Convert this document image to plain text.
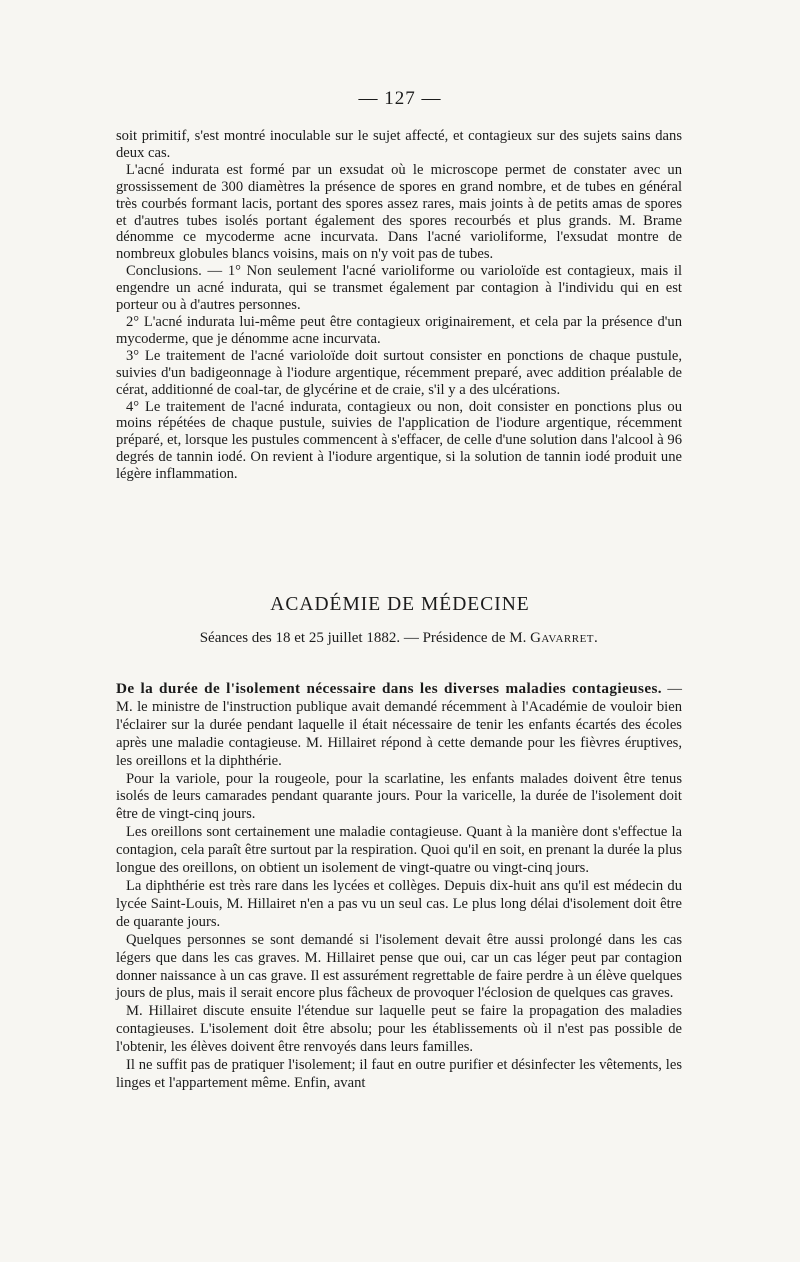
— 127 —

soit primitif, s'est montré inoculable sur le sujet affecté, et contagieux sur des sujets sains dans deux cas.

L'acné indurata est formé par un exsudat où le microscope permet de constater avec un grossissement de 300 diamètres la présence de spores en grand nombre, et de tubes en général très courbés formant lacis, portant des spores assez rares, mais joints à de petits amas de spores et d'autres tubes isolés portant également des spores recourbés et plus grands. M. Brame dénomme ce mycoderme acne incurvata. Dans l'acné varioliforme, l'exsudat montre de nombreux globules blancs voisins, mais on n'y voit pas de tubes.

Conclusions. — 1° Non seulement l'acné varioliforme ou varioloïde est contagieux, mais il engendre un acné indurata, qui se transmet également par contagion à l'individu qui en est porteur ou à d'autres personnes.

2° L'acné indurata lui-même peut être contagieux originairement, et cela par la présence d'un mycoderme, que je dénomme acne incurvata.

3° Le traitement de l'acné varioloïde doit surtout consister en ponctions de chaque pustule, suivies d'un badigeonnage à l'iodure argentique, récemment preparé, avec addition préalable de cérat, additionné de coal-tar, de glycérine et de craie, s'il y a des ulcérations.

4° Le traitement de l'acné indurata, contagieux ou non, doit consister en ponctions plus ou moins répétées de chaque pustule, suivies de l'application de l'iodure argentique, récemment préparé, et, lorsque les pustules commencent à s'effacer, de celle d'une solution dans l'alcool à 96 degrés de tannin iodé. On revient à l'iodure argentique, si la solution de tannin iodé produit une légère inflammation.

ACADÉMIE DE MÉDECINE
Séances des 18 et 25 juillet 1882. — Présidence de M. Gavarret.

De la durée de l'isolement nécessaire dans les diverses maladies contagieuses. — M. le ministre de l'instruction publique avait demandé récemment à l'Académie de vouloir bien l'éclairer sur la durée pendant laquelle il était nécessaire de tenir les enfants écartés des écoles après une maladie contagieuse. M. Hillairet répond à cette demande pour les fièvres éruptives, les oreillons et la diphthérie.

Pour la variole, pour la rougeole, pour la scarlatine, les enfants malades doivent être tenus isolés de leurs camarades pendant quarante jours. Pour la varicelle, la durée de l'isolement doit être de vingt-cinq jours.

Les oreillons sont certainement une maladie contagieuse. Quant à la manière dont s'effectue la contagion, cela paraît être surtout par la respiration. Quoi qu'il en soit, en prenant la durée la plus longue des oreillons, on obtient un isolement de vingt-quatre ou vingt-cinq jours.

La diphthérie est très rare dans les lycées et collèges. Depuis dix-huit ans qu'il est médecin du lycée Saint-Louis, M. Hillairet n'en a pas vu un seul cas. Le plus long délai d'isolement doit être de quarante jours.

Quelques personnes se sont demandé si l'isolement devait être aussi prolongé dans les cas légers que dans les cas graves. M. Hillairet pense que oui, car un cas léger peut par contagion donner naissance à un cas grave. Il est assurément regrettable de faire perdre à un élève quelques jours de plus, mais il serait encore plus fâcheux de provoquer l'éclosion de quelques cas graves.

M. Hillairet discute ensuite l'étendue sur laquelle peut se faire la propagation des maladies contagieuses. L'isolement doit être absolu; pour les établissements où il n'est pas possible de l'obtenir, les élèves doivent être renvoyés dans leurs familles.

Il ne suffit pas de pratiquer l'isolement; il faut en outre purifier et désinfecter les vêtements, les linges et l'appartement même. Enfin, avant
